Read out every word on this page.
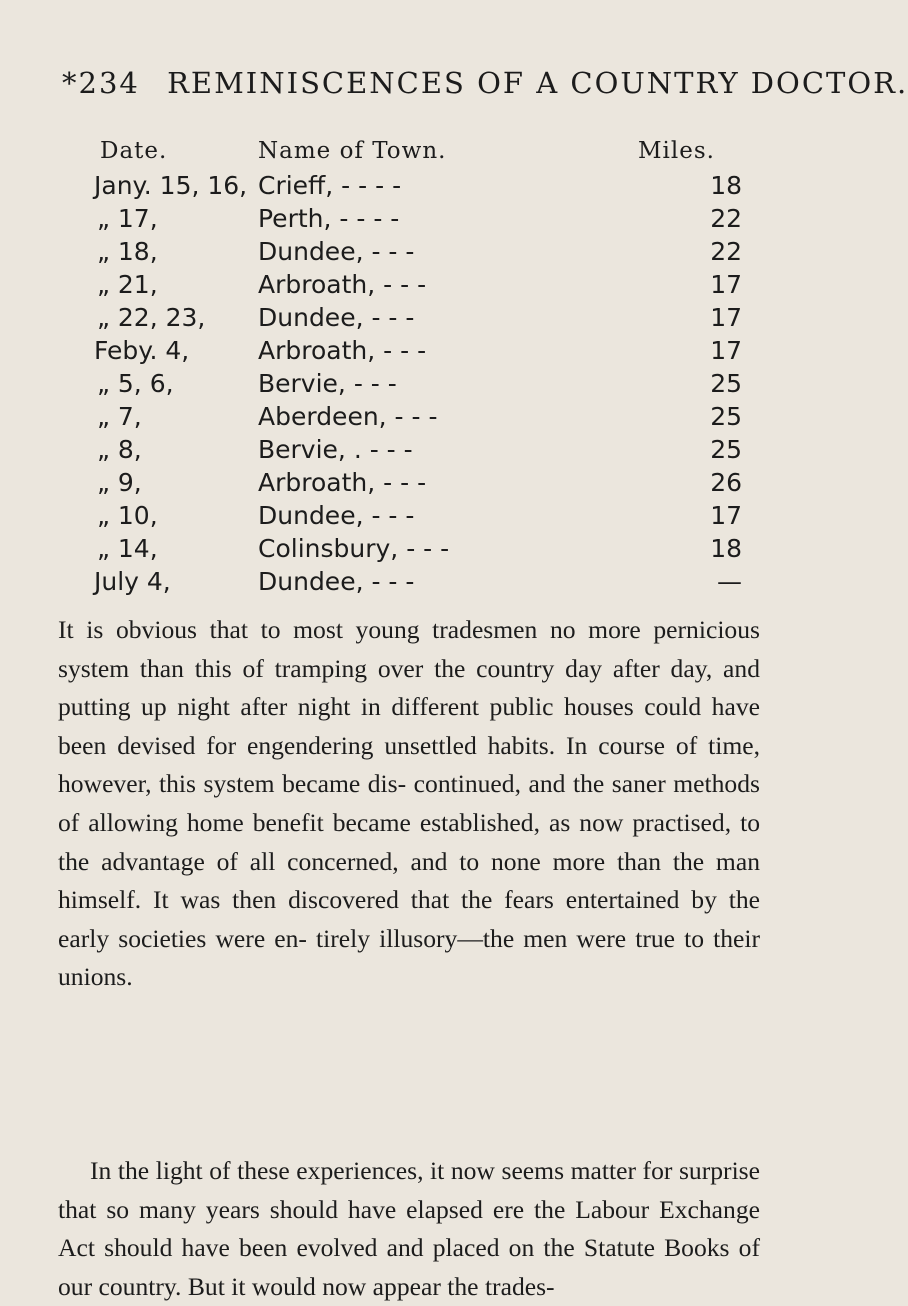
*234 REMINISCENCES OF A COUNTRY DOCTOR.
Date.	Name of Town.	Miles.
Jany. 15, 16, Crieff, - - - -	18
„ 17,	Perth, - - - -	22
„ 18,	Dundee, - - -	22
„ 21,	Arbroath, - - -	17
„ 22, 23, Dundee, - - -	17
Feby. 4,	Arbroath, - - -	17
„ 5, 6,	Bervie, - - -	25
„ 7,	Aberdeen, - - -	25
„ 8,	Bervie, . - - -	25
„ 9,	Arbroath, - - -	26
„ 10,	Dundee, - - -	17
„ 14,	Colinsbury, - - -	18
July 4,	Dundee, - - -	—

It is obvious that to most young tradesmen no more pernicious system than this of tramping over the country day after day, and putting up night after night in different public houses could have been devised for engendering unsettled habits. In course of time, however, this system became dis- continued, and the saner methods of allowing home benefit became established, as now practised, to the advantage of all concerned, and to none more than the man himself. It was then discovered that the fears entertained by the early societies were en- tirely illusory—the men were true to their unions.

In the light of these experiences, it now seems matter for surprise that so many years should have elapsed ere the Labour Exchange Act should have been evolved and placed on the Statute Books of our country. But it would now appear the trades-
